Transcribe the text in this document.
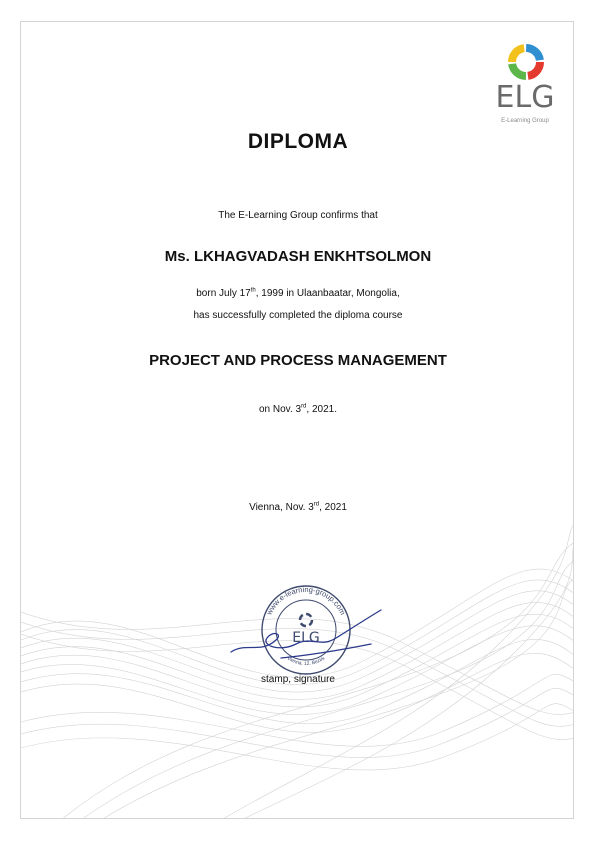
ELG
E-Learning Group
DIPLOMA
The E-Learning Group confirms that
Ms. LKHAGVADASH ENKHTSOLMON
born July 17th, 1999 in Ulaanbaatar, Mongolia,
has successfully completed the diploma course
PROJECT AND PROCESS MANAGEMENT
on Nov. 3rd, 2021.
Vienna, Nov. 3rd, 2021
www.e-learning-group.com
Vienna, 12. Bezirk
ELG
stamp, signature
